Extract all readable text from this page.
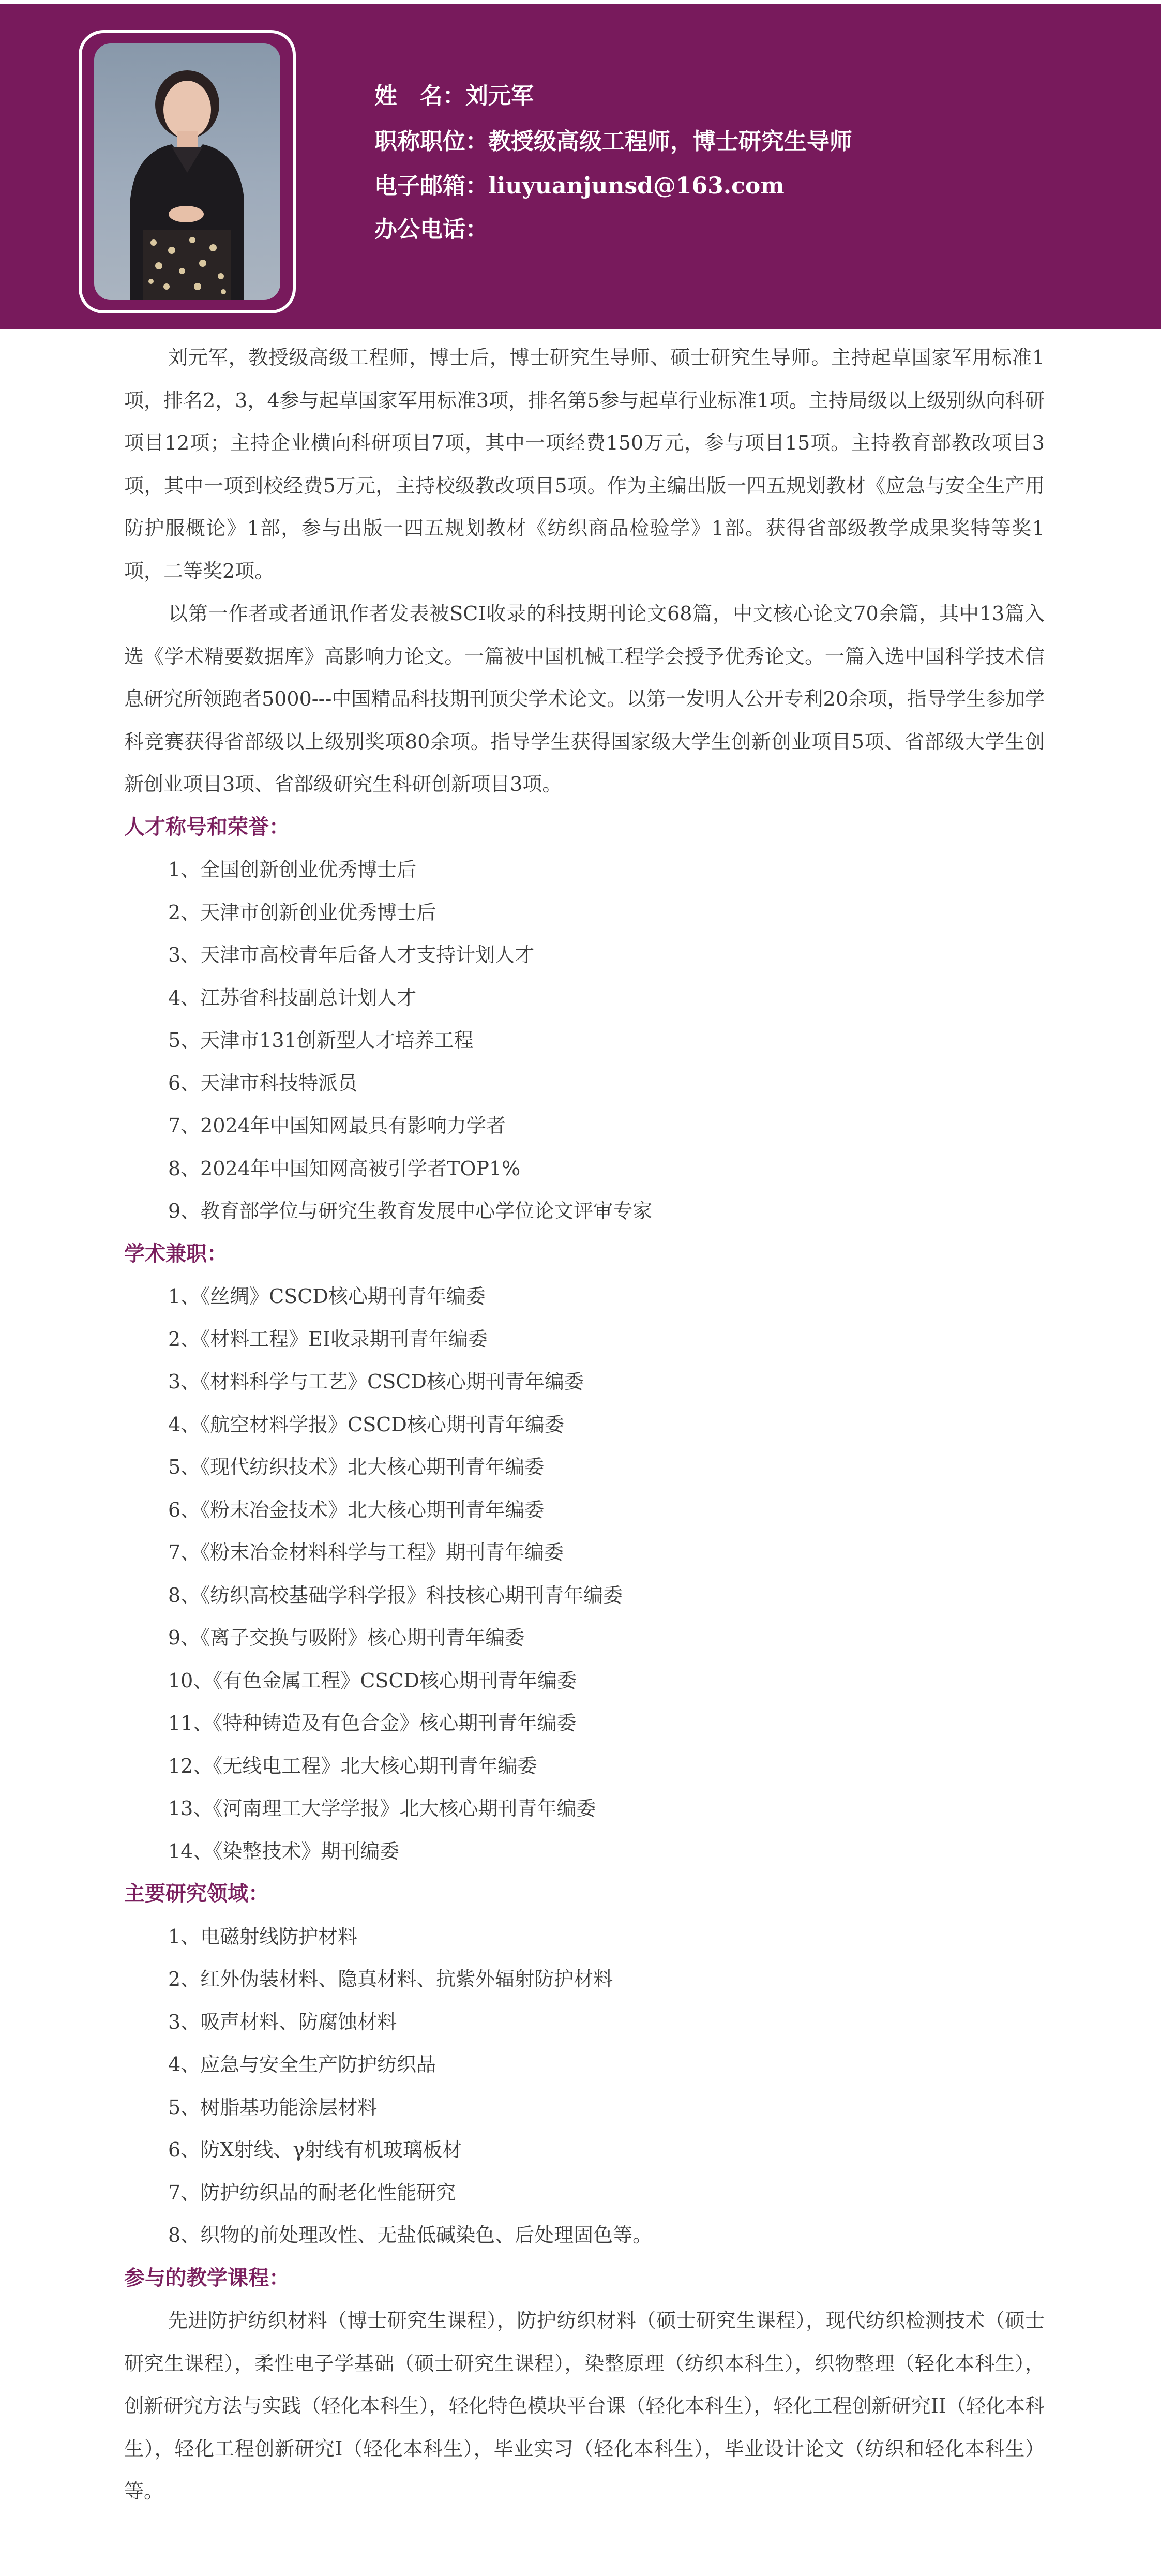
姓　名：刘元军
职称职位：教授级高级工程师，博士研究生导师
电子邮箱：liuyuanjunsd@163.com
办公电话：

刘元军，教授级高级工程师，博士后，博士研究生导师、硕士研究生导师。主持起草国家军用标准1项，排名2，3，4参与起草国家军用标准3项，排名第5参与起草行业标准1项。主持局级以上级别纵向科研项目12项；主持企业横向科研项目7项，其中一项经费150万元，参与项目15项。主持教育部教改项目3项，其中一项到校经费5万元，主持校级教改项目5项。作为主编出版一四五规划教材《应急与安全生产用防护服概论》1部，参与出版一四五规划教材《纺织商品检验学》1部。获得省部级教学成果奖特等奖1项，二等奖2项。

以第一作者或者通讯作者发表被SCI收录的科技期刊论文68篇，中文核心论文70余篇，其中13篇入选《学术精要数据库》高影响力论文。一篇被中国机械工程学会授予优秀论文。一篇入选中国科学技术信息研究所领跑者5000---中国精品科技期刊顶尖学术论文。以第一发明人公开专利20余项，指导学生参加学科竞赛获得省部级以上级别奖项80余项。指导学生获得国家级大学生创新创业项目5项、省部级大学生创新创业项目3项、省部级研究生科研创新项目3项。

人才称号和荣誉：
1、全国创新创业优秀博士后
2、天津市创新创业优秀博士后
3、天津市高校青年后备人才支持计划人才
4、江苏省科技副总计划人才
5、天津市131创新型人才培养工程
6、天津市科技特派员
7、2024年中国知网最具有影响力学者
8、2024年中国知网高被引学者TOP1%
9、教育部学位与研究生教育发展中心学位论文评审专家
学术兼职：
1、《丝绸》CSCD核心期刊青年编委
2、《材料工程》EI收录期刊青年编委
3、《材料科学与工艺》CSCD核心期刊青年编委
4、《航空材料学报》CSCD核心期刊青年编委
5、《现代纺织技术》北大核心期刊青年编委
6、《粉末冶金技术》北大核心期刊青年编委
7、《粉末冶金材料科学与工程》期刊青年编委
8、《纺织高校基础学科学报》科技核心期刊青年编委
9、《离子交换与吸附》核心期刊青年编委
10、《有色金属工程》CSCD核心期刊青年编委
11、《特种铸造及有色合金》核心期刊青年编委
12、《无线电工程》北大核心期刊青年编委
13、《河南理工大学学报》北大核心期刊青年编委
14、《染整技术》期刊编委
主要研究领域：
1、电磁射线防护材料
2、红外伪装材料、隐真材料、抗紫外辐射防护材料
3、吸声材料、防腐蚀材料
4、应急与安全生产防护纺织品
5、树脂基功能涂层材料
6、防X射线、γ射线有机玻璃板材
7、防护纺织品的耐老化性能研究
8、织物的前处理改性、无盐低碱染色、后处理固色等。
参与的教学课程：

先进防护纺织材料（博士研究生课程），防护纺织材料（硕士研究生课程），现代纺织检测技术（硕士研究生课程），柔性电子学基础（硕士研究生课程），染整原理（纺织本科生），织物整理（轻化本科生），创新研究方法与实践（轻化本科生），轻化特色模块平台课（轻化本科生），轻化工程创新研究II（轻化本科生），轻化工程创新研究I（轻化本科生），毕业实习（轻化本科生），毕业设计论文（纺织和轻化本科生）等。
